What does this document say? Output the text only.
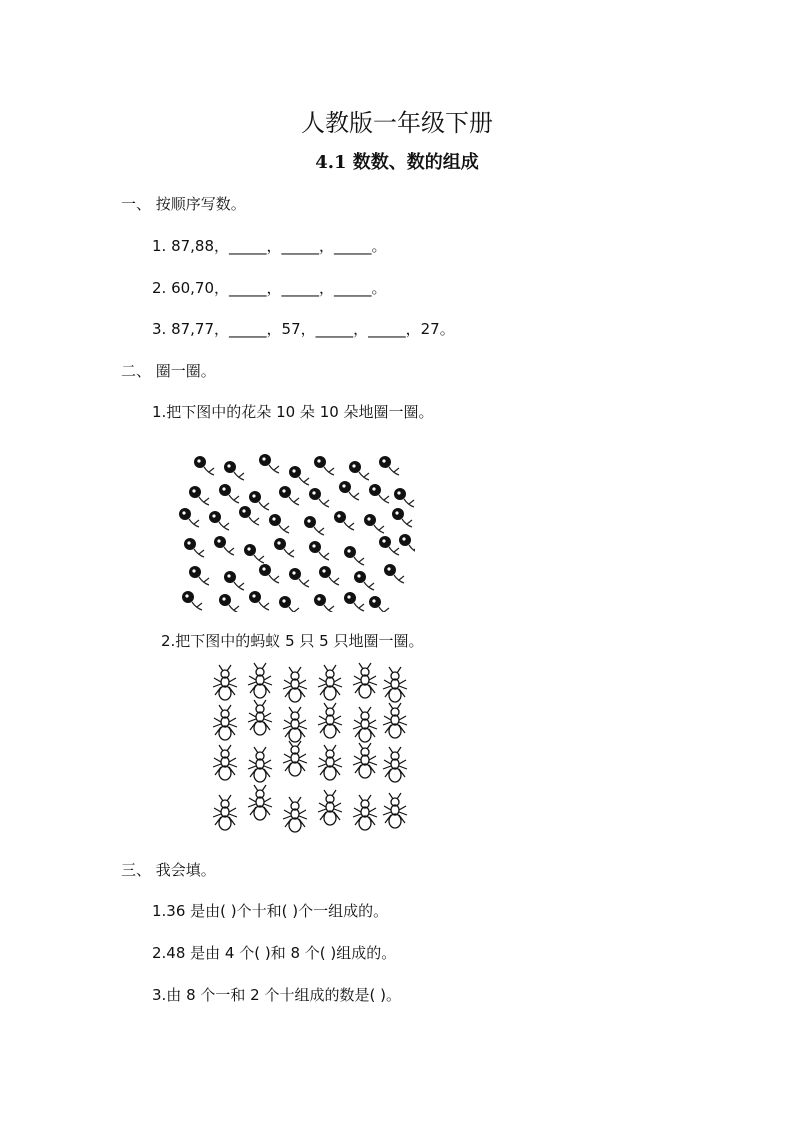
人教版一年级下册
4.1 数数、数的组成
一、 按顺序写数。
1. 87,88，_____，_____，_____。
2. 60,70，_____，_____，_____。
3. 87,77，_____，57，_____，_____，27。
二、 圈一圈。
1.把下图中的花朵 10 朵 10 朵地圈一圈。
2.把下图中的蚂蚁 5 只 5 只地圈一圈。
三、 我会填。
1.36 是由( )个十和( )个一组成的。
2.48 是由 4 个( )和 8 个( )组成的。
3.由 8 个一和 2 个十组成的数是( )。
